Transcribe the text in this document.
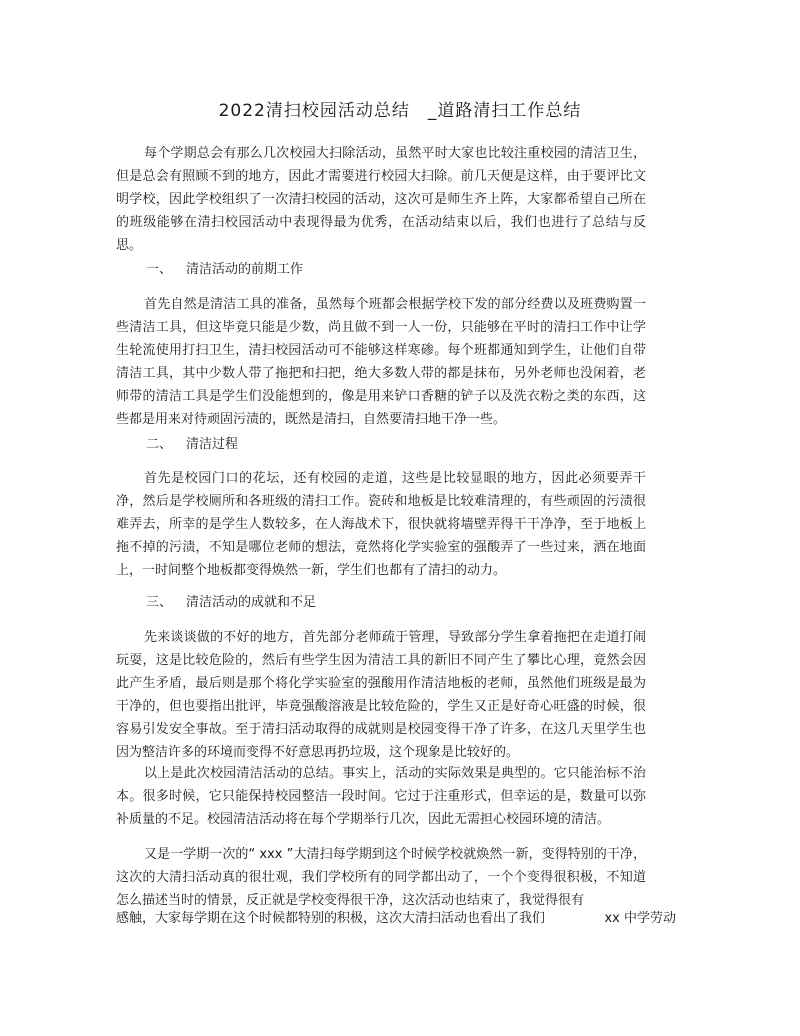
2022清扫校园活动总结　_道路清扫工作总结
每个学期总会有那么几次校园大扫除活动，虽然平时大家也比较注重校园的清洁卫生，但是总会有照顾不到的地方，因此才需要进行校园大扫除。前几天便是这样，由于要评比文明学校，因此学校组织了一次清扫校园的活动，这次可是师生齐上阵，大家都希望自己所在的班级能够在清扫校园活动中表现得最为优秀，在活动结束以后，我们也进行了总结与反思。
一、 清洁活动的前期工作
首先自然是清洁工具的准备，虽然每个班都会根据学校下发的部分经费以及班费购置一些清洁工具，但这毕竟只能是少数，尚且做不到一人一份，只能够在平时的清扫工作中让学生轮流使用打扫卫生，清扫校园活动可不能够这样寒碜。每个班都通知到学生，让他们自带清洁工具，其中少数人带了拖把和扫把，绝大多数人带的都是抹布，另外老师也没闲着，老师带的清洁工具是学生们没能想到的，像是用来铲口香糖的铲子以及洗衣粉之类的东西，这些都是用来对待顽固污渍的，既然是清扫，自然要清扫地干净一些。
二、 清洁过程
首先是校园门口的花坛，还有校园的走道，这些是比较显眼的地方，因此必须要弄干净，然后是学校厕所和各班级的清扫工作。瓷砖和地板是比较难清理的，有些顽固的污渍很难弄去，所幸的是学生人数较多，在人海战术下，很快就将墙壁弄得干干净净，至于地板上拖不掉的污渍，不知是哪位老师的想法，竟然将化学实验室的强酸弄了一些过来，洒在地面上，一时间整个地板都变得焕然一新，学生们也都有了清扫的动力。
三、 清洁活动的成就和不足
先来谈谈做的不好的地方，首先部分老师疏于管理，导致部分学生拿着拖把在走道打闹玩耍，这是比较危险的，然后有些学生因为清洁工具的新旧不同产生了攀比心理，竟然会因此产生矛盾，最后则是那个将化学实验室的强酸用作清洁地板的老师，虽然他们班级是最为干净的，但也要指出批评，毕竟强酸溶液是比较危险的，学生又正是好奇心旺盛的时候，很容易引发安全事故。至于清扫活动取得的成就则是校园变得干净了许多，在这几天里学生也因为整洁许多的环境而变得不好意思再扔垃圾，这个现象是比较好的。
以上是此次校园清洁活动的总结。事实上，活动的实际效果是典型的。它只能治标不治本。很多时候，它只能保持校园整洁一段时间。它过于注重形式，但幸运的是，数量可以弥补质量的不足。校园清洁活动将在每个学期举行几次，因此无需担心校园环境的清洁。
又是一学期一次的“ xxx ”大清扫每学期到这个时候学校就焕然一新，变得特别的干净，这次的大清扫活动真的很壮观，我们学校所有的同学都出动了，一个个变得很积极，不知道怎么描述当时的情景，反正就是学校变得很干净，这次活动也结束了，我觉得很有
感触，大家每学期在这个时候都特别的积极，这次大清扫活动也看出了我们	xx 中学劳动
